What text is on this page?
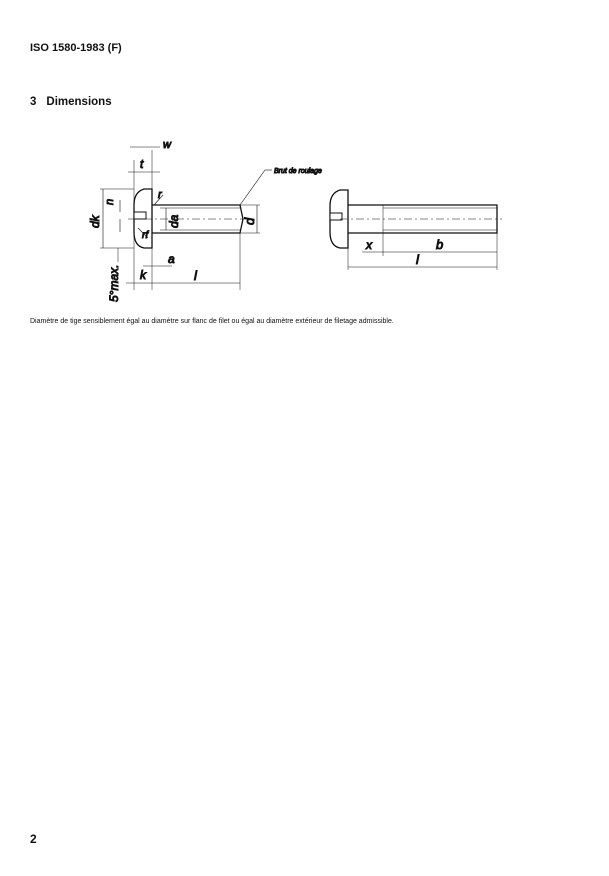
ISO 1580-1983 (F)
3 Dimensions
w
t
r
rf
n
dk	da	d
5°max. k
a
l
Brut de roulage
x	b
l
Diamètre de tige sensiblement égal au diamètre sur flanc de filet ou égal au diamètre extérieur de filetage admissible.
2
